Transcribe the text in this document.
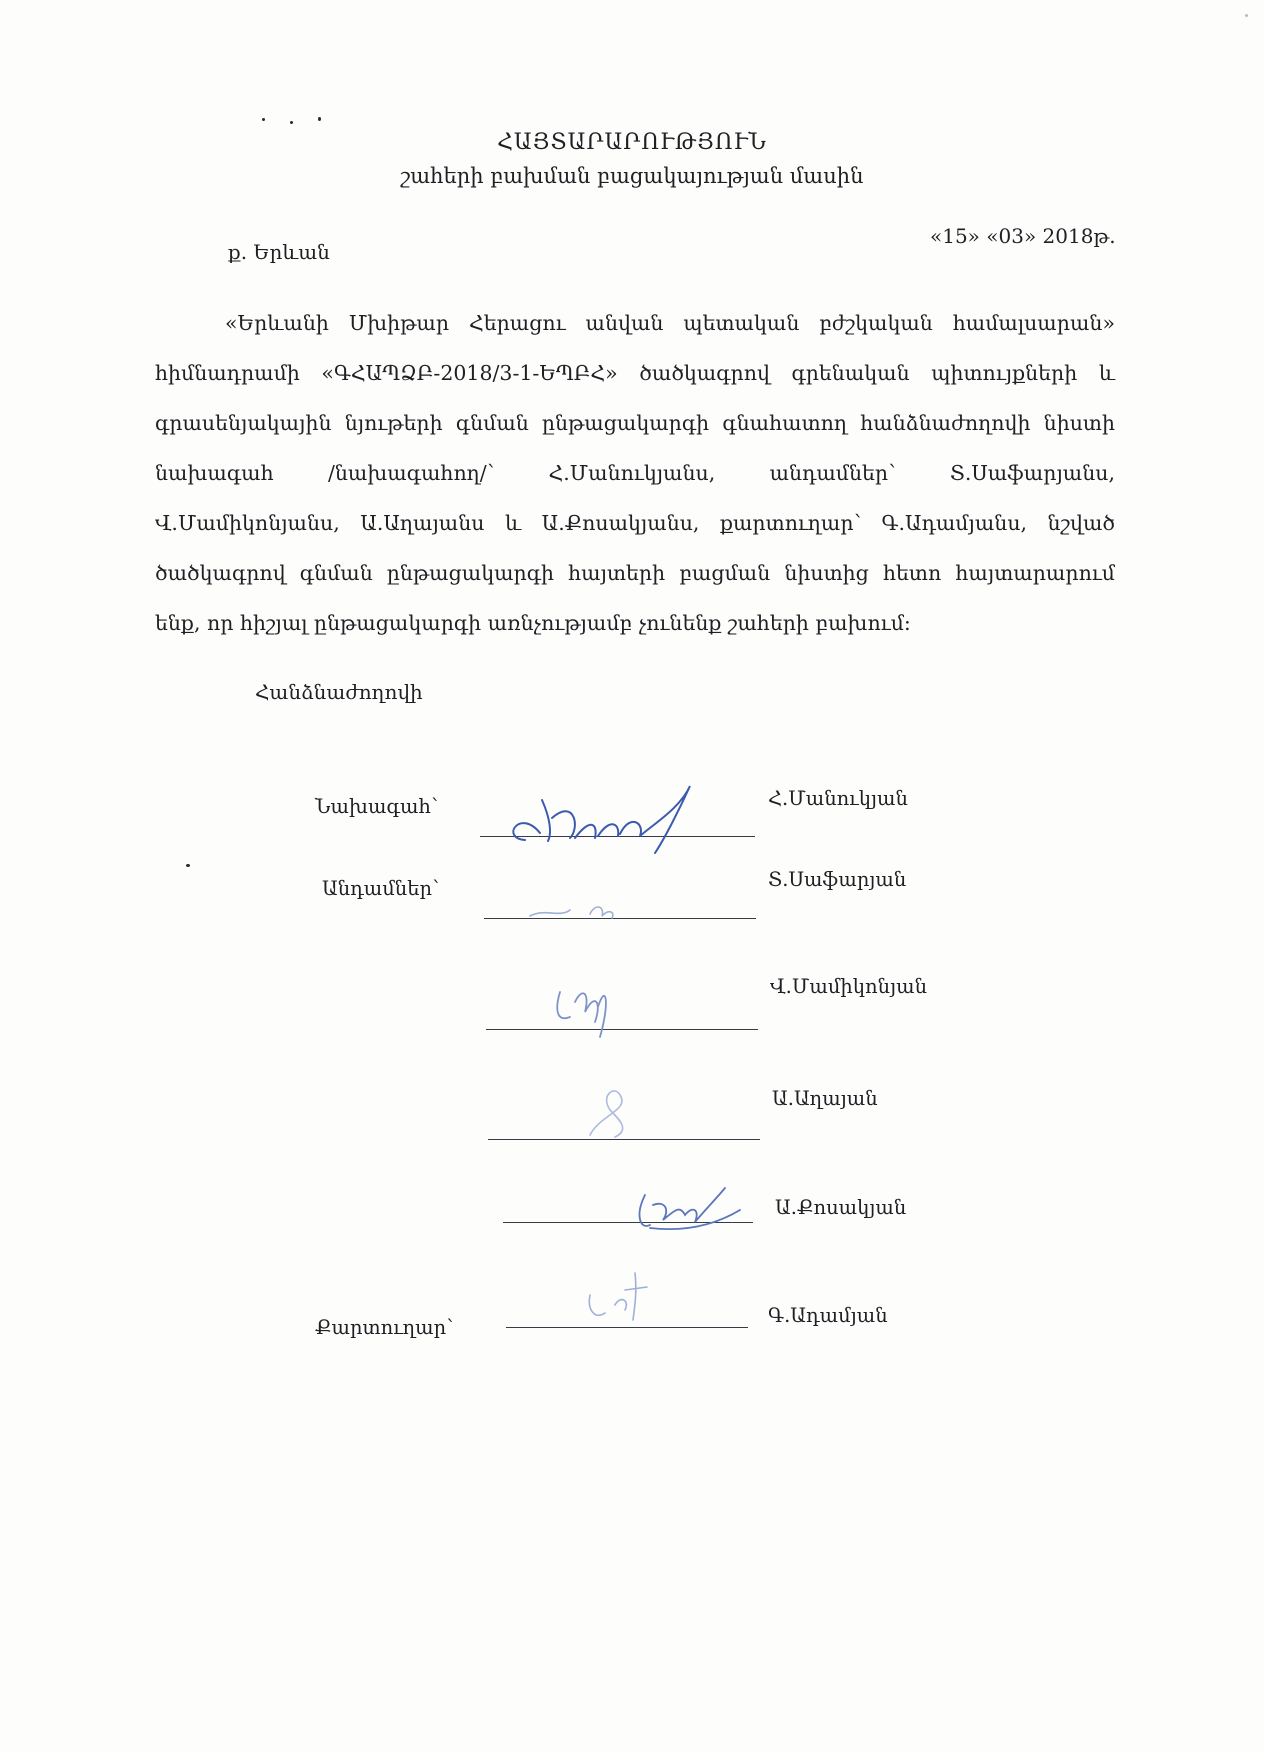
ՀԱՅՏԱՐԱՐՈՒԹՅՈՒՆ
շահերի բախման բացակայության մասին
ք. Երևան
«15» «03» 2018թ.
«Երևանի Մխիթար Հերացու անվան պետական բժշկական համալսարան»
հիմնադրամի «ԳՀԱՊՁԲ-2018/3-1-ԵՊԲՀ» ծածկագրով գրենական պիտույքների և
գրասենյակային նյութերի գնման ընթացակարգի գնահատող հանձնաժողովի նիստի
նախագահ /նախագահող/՝ Հ.Մանուկյանս, անդամներ՝ Տ.Սաֆարյանս,
Վ.Մամիկոնյանս, Ա.Աղայանս և Ա.Քոսակյանս, քարտուղար՝ Գ.Ադամյանս, նշված
ծածկագրով գնման ընթացակարգի հայտերի բացման նիստից հետո հայտարարում
ենք, որ հիշյալ ընթացակարգի առնչությամբ չունենք շահերի բախում:
Հանձնաժողովի
Նախագահ՝	Հ.Մանուկյան
Անդամներ՝	Տ.Սաֆարյան
Վ.Մամիկոնյան
Ա.Աղայան
Ա.Քոսակյան
Քարտուղար՝
Գ.Ադամյան
